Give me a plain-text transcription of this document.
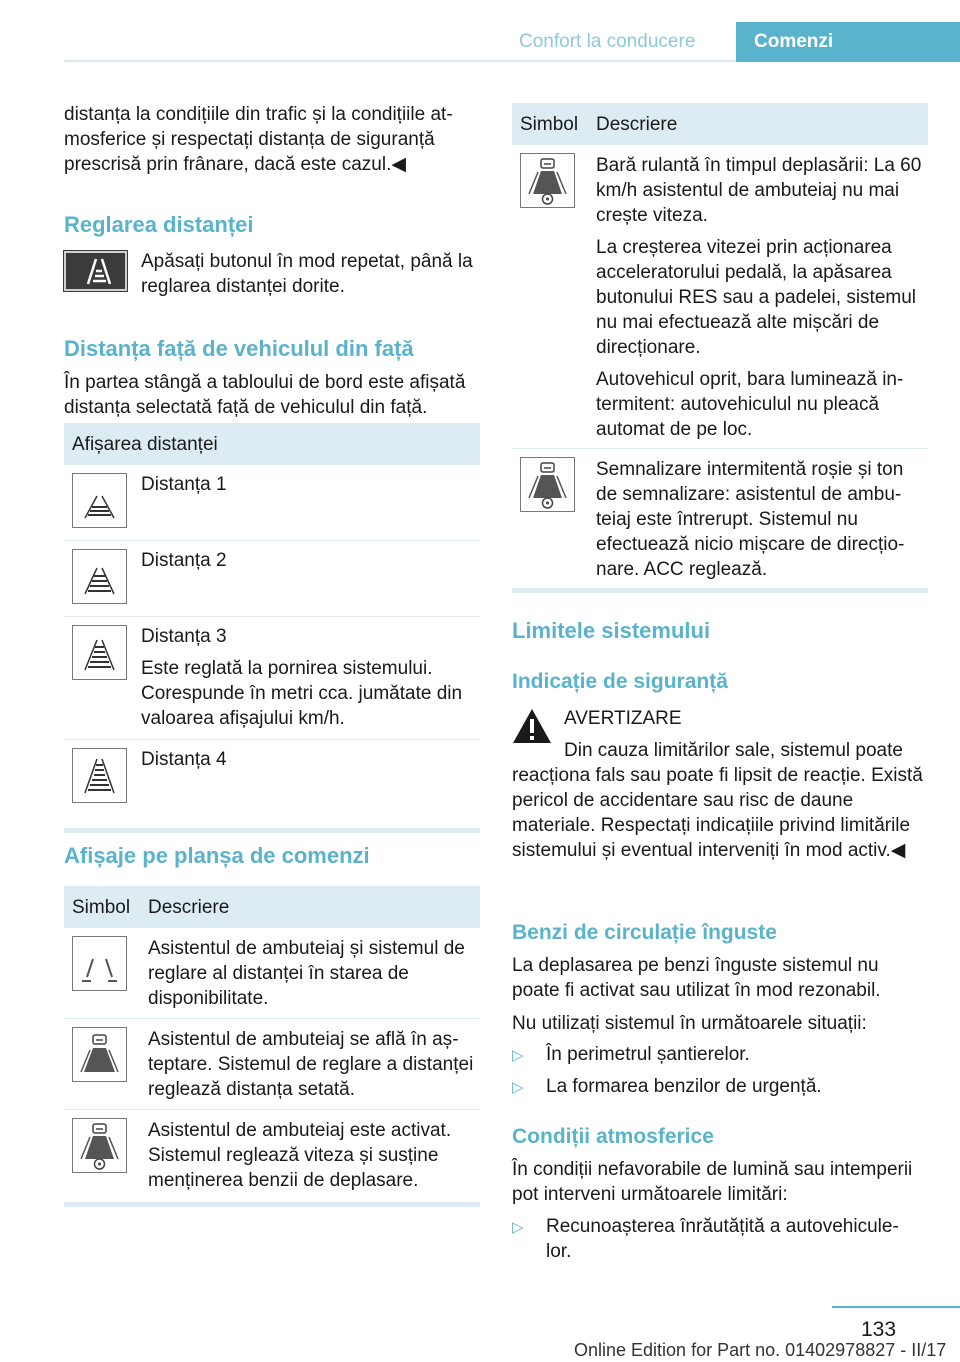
Confort la conducere	Comenzi

distanța la condițiile din trafic și la condițiile atmosferice și respectați distanța de siguranță prescrisă prin frânare, dacă este cazul.◀

Reglarea distanței

Apăsați butonul în mod repetat, până la reglarea distanței dorite.

Distanța față de vehiculul din față

În partea stângă a tabloului de bord este afișată distanța selectată față de vehiculul din față.

Afișarea distanței
Distanța 1
Distanța 2
Distanța 3
Este reglată la pornirea sistemului. Corespunde în metri cca. jumătate din valoarea afișajului km/h.
Distanța 4
Afișaje pe planșa de comenzi
Simbol Descriere
Asistentul de ambuteiaj și sistemul de reglare al distanței în starea de disponibilitate.
Asistentul de ambuteiaj se află în așteptare. Sistemul de reglare a distanței reglează distanța setată.
Asistentul de ambuteiaj este activat. Sistemul reglează viteza și susține menținerea benzii de deplasare.
Simbol Descriere

Bară rulantă în timpul deplasării: La 60 km/h asistentul de ambuteiaj nu mai crește viteza.

La creșterea vitezei prin acționarea acceleratorului pedală, la apăsarea butonului RES sau a padelei, sistemul nu mai efectuează alte mișcări de direcționare.

Autovehicul oprit, bara luminează intermitent: autovehiculul nu pleacă automat de pe loc.

Semnalizare intermitentă roșie și ton de semnalizare: asistentul de ambuteiaj este întrerupt. Sistemul nu efectuează nicio mișcare de direcționare. ACC reglează.
Limitele sistemului
Indicație de siguranță

AVERTIZARE

Din cauza limitărilor sale, sistemul poate reacționa fals sau poate fi lipsit de reacție. Există pericol de accidentare sau risc de daune materiale. Respectați indicațiile privind limitările sistemului și eventual interveniți în mod activ.◀

Benzi de circulație înguste

La deplasarea pe benzi înguste sistemul nu poate fi activat sau utilizat în mod rezonabil.

Nu utilizați sistemul în următoarele situații:

▷ În perimetrul șantierelor.

▷ La formarea benzilor de urgență.

Condiții atmosferice

În condiții nefavorabile de lumină sau intemperii pot interveni următoarele limitări:

▷ Recunoașterea înrăutățită a autovehiculelor.

133
Online Edition for Part no. 01402978827 - II/17
